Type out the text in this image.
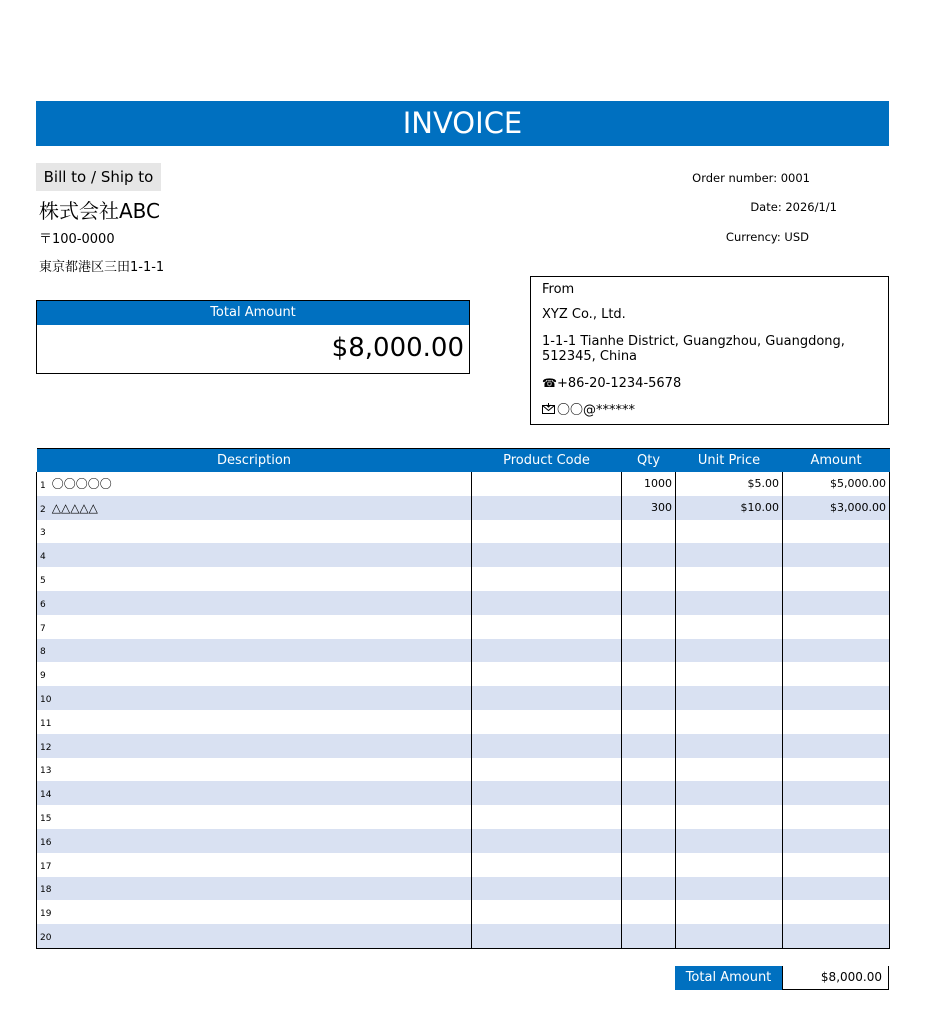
INVOICE
Bill to / Ship to
株式会社ABC
〒100-0000
東京都港区三田1-1-1
Order number: 0001
Date: 2026/1/1
Currency: USD
Total Amount
$8,000.00
From
XYZ Co., Ltd.
1-1-1 Tianhe District, Guangzhou, Guangdong, 512345, China
☎+86-20-1234-5678
〇〇@******
Description	Product Code	Qty	Unit Price	Amount
1 〇〇〇〇〇		1000	$5.00	$5,000.00
2 △△△△△		300	$10.00	$3,000.00
3				
4				
5				
6				
7				
8				
9				
10				
11				
12				
13				
14				
15				
16				
17				
18				
19				
20				
Total Amount	$8,000.00
